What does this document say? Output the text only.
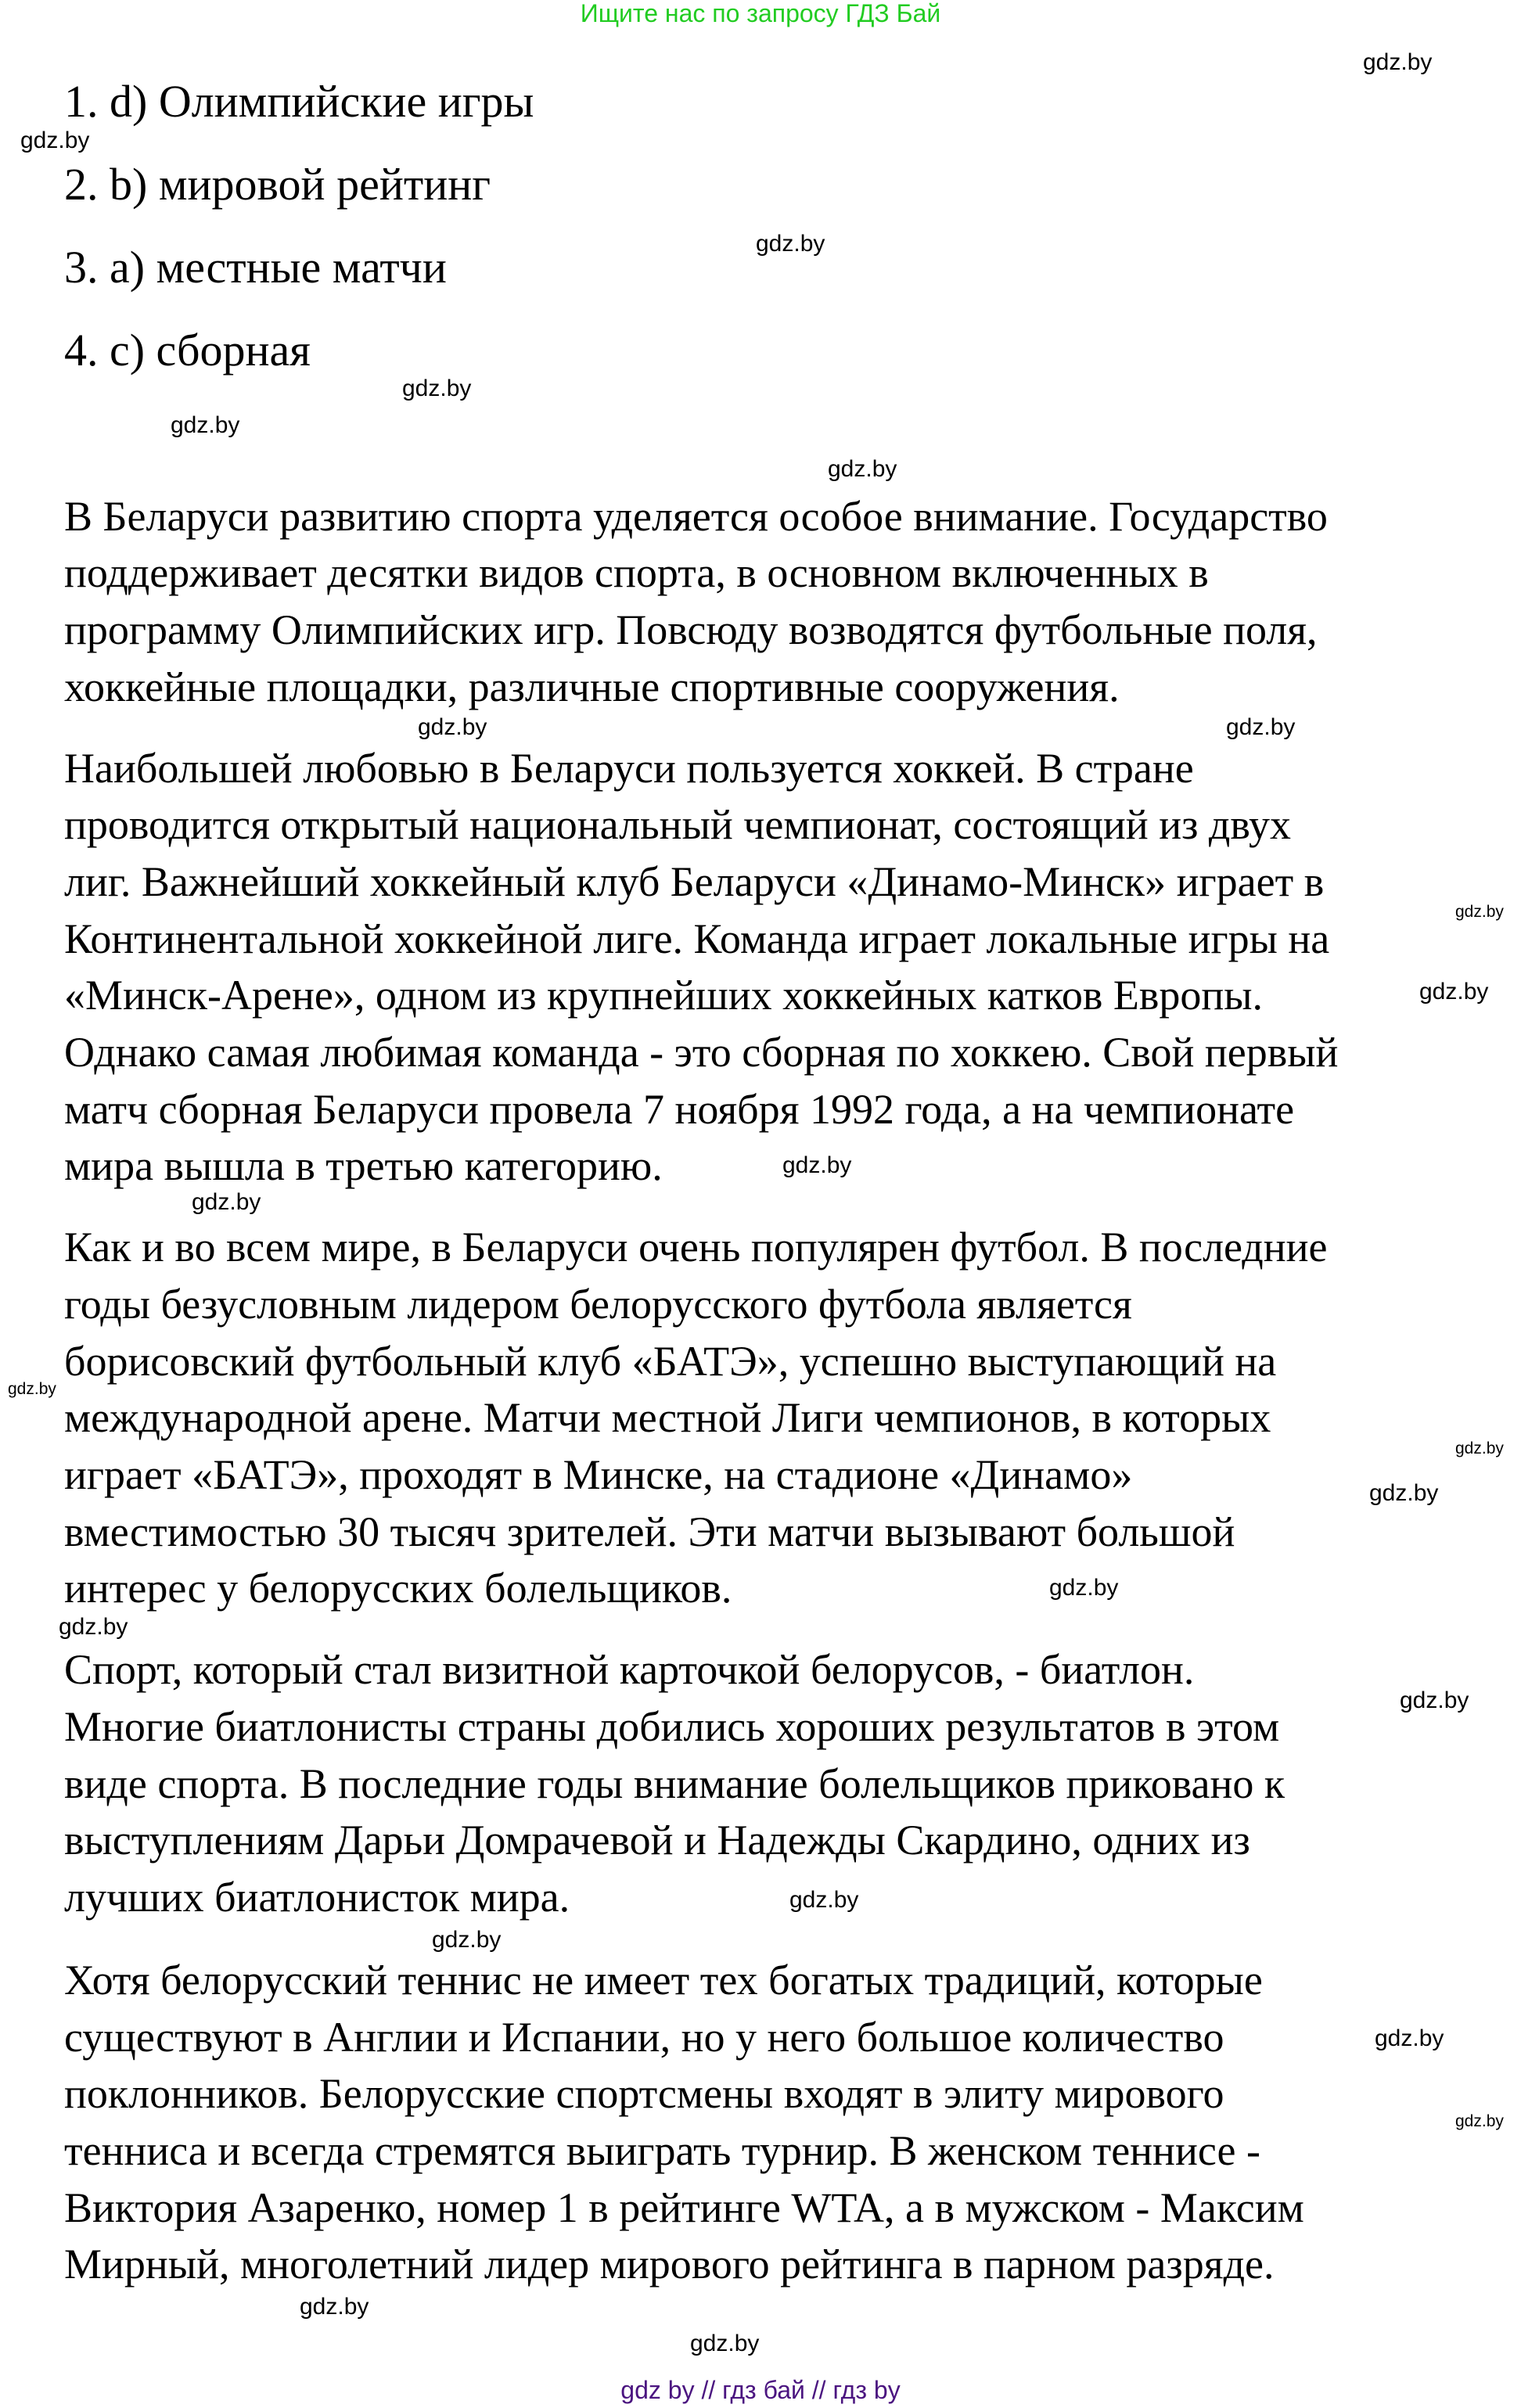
Ищите нас по запросу ГДЗ Бай
1. d) Олимпийские игры
2. b) мировой рейтинг
3. a) местные матчи
4. c) сборная
В Беларуси развитию спорта уделяется особое внимание. Государство
поддерживает десятки видов спорта, в основном включенных в
программу Олимпийских игр. Повсюду возводятся футбольные поля,
хоккейные площадки, различные спортивные сооружения.
Наибольшей любовью в Беларуси пользуется хоккей. В стране
проводится открытый национальный чемпионат, состоящий из двух
лиг. Важнейший хоккейный клуб Беларуси «Динамо-Минск» играет в
Континентальной хоккейной лиге. Команда играет локальные игры на
«Минск-Арене», одном из крупнейших хоккейных катков Европы.
Однако самая любимая команда - это сборная по хоккею. Свой первый
матч сборная Беларуси провела 7 ноября 1992 года, а на чемпионате
мира вышла в третью категорию.
Как и во всем мире, в Беларуси очень популярен футбол. В последние
годы безусловным лидером белорусского футбола является
борисовский футбольный клуб «БАТЭ», успешно выступающий на
международной арене. Матчи местной Лиги чемпионов, в которых
играет «БАТЭ», проходят в Минске, на стадионе «Динамо»
вместимостью 30 тысяч зрителей. Эти матчи вызывают большой
интерес у белорусских болельщиков.
Спорт, который стал визитной карточкой белорусов, - биатлон.
Многие биатлонисты страны добились хороших результатов в этом
виде спорта. В последние годы внимание болельщиков приковано к
выступлениям Дарьи Домрачевой и Надежды Скардино, одних из
лучших биатлонисток мира.
Хотя белорусский теннис не имеет тех богатых традиций, которые
существуют в Англии и Испании, но у него большое количество
поклонников. Белорусские спортсмены входят в элиту мирового
тенниса и всегда стремятся выиграть турнир. В женском теннисе -
Виктория Азаренко, номер 1 в рейтинге WTA, а в мужском - Максим
Мирный, многолетний лидер мирового рейтинга в парном разряде.
gdz.by
gdz.by
gdz.by
gdz.by
gdz.by
gdz.by
gdz.by
gdz.by
gdz.by
gdz.by
gdz.by
gdz.by
gdz.by
gdz.by
gdz.by
gdz.by
gdz.by
gdz.by
gdz.by
gdz.by
gdz.by
gdz.by
gdz.by
gdz.by
gdz by // гдз бай // гдз by
